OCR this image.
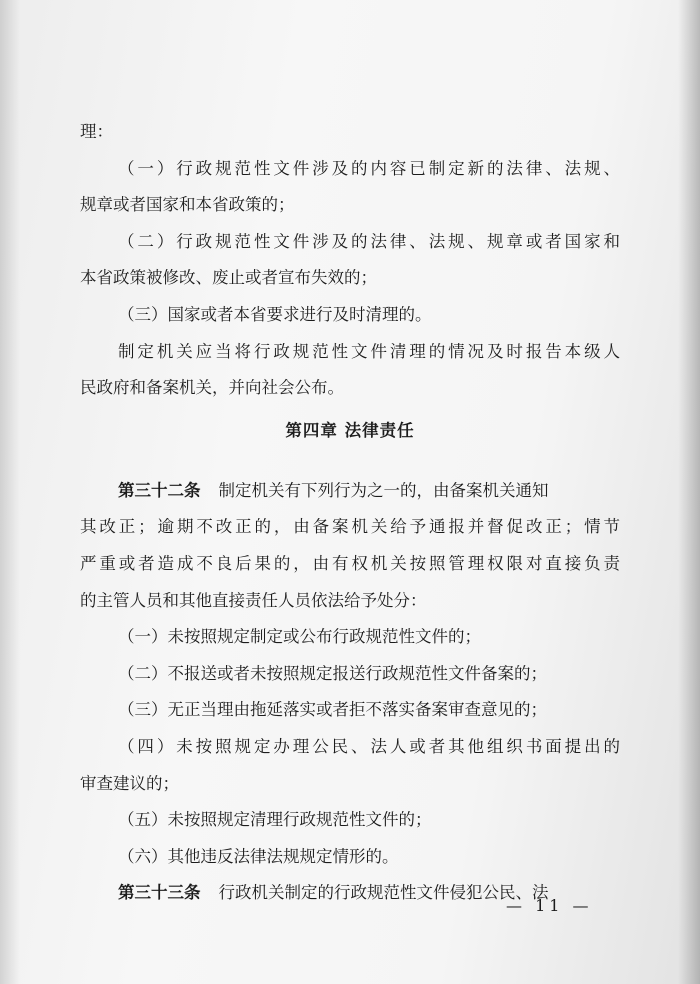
理：
（一）行政规范性文件涉及的内容已制定新的法律、法规、
规章或者国家和本省政策的；
（二）行政规范性文件涉及的法律、法规、规章或者国家和
本省政策被修改、废止或者宣布失效的；
（三）国家或者本省要求进行及时清理的。
制定机关应当将行政规范性文件清理的情况及时报告本级人
民政府和备案机关，并向社会公布。
第四章 法律责任
第三十二条 制定机关有下列行为之一的，由备案机关通知
其改正；逾期不改正的，由备案机关给予通报并督促改正；情节
严重或者造成不良后果的，由有权机关按照管理权限对直接负责
的主管人员和其他直接责任人员依法给予处分：
（一）未按照规定制定或公布行政规范性文件的；
（二）不报送或者未按照规定报送行政规范性文件备案的；
（三）无正当理由拖延落实或者拒不落实备案审查意见的；
（四）未按照规定办理公民、法人或者其他组织书面提出的
审查建议的；
（五）未按照规定清理行政规范性文件的；
（六）其他违反法律法规规定情形的。
第三十三条 行政机关制定的行政规范性文件侵犯公民、法
— 11 —
